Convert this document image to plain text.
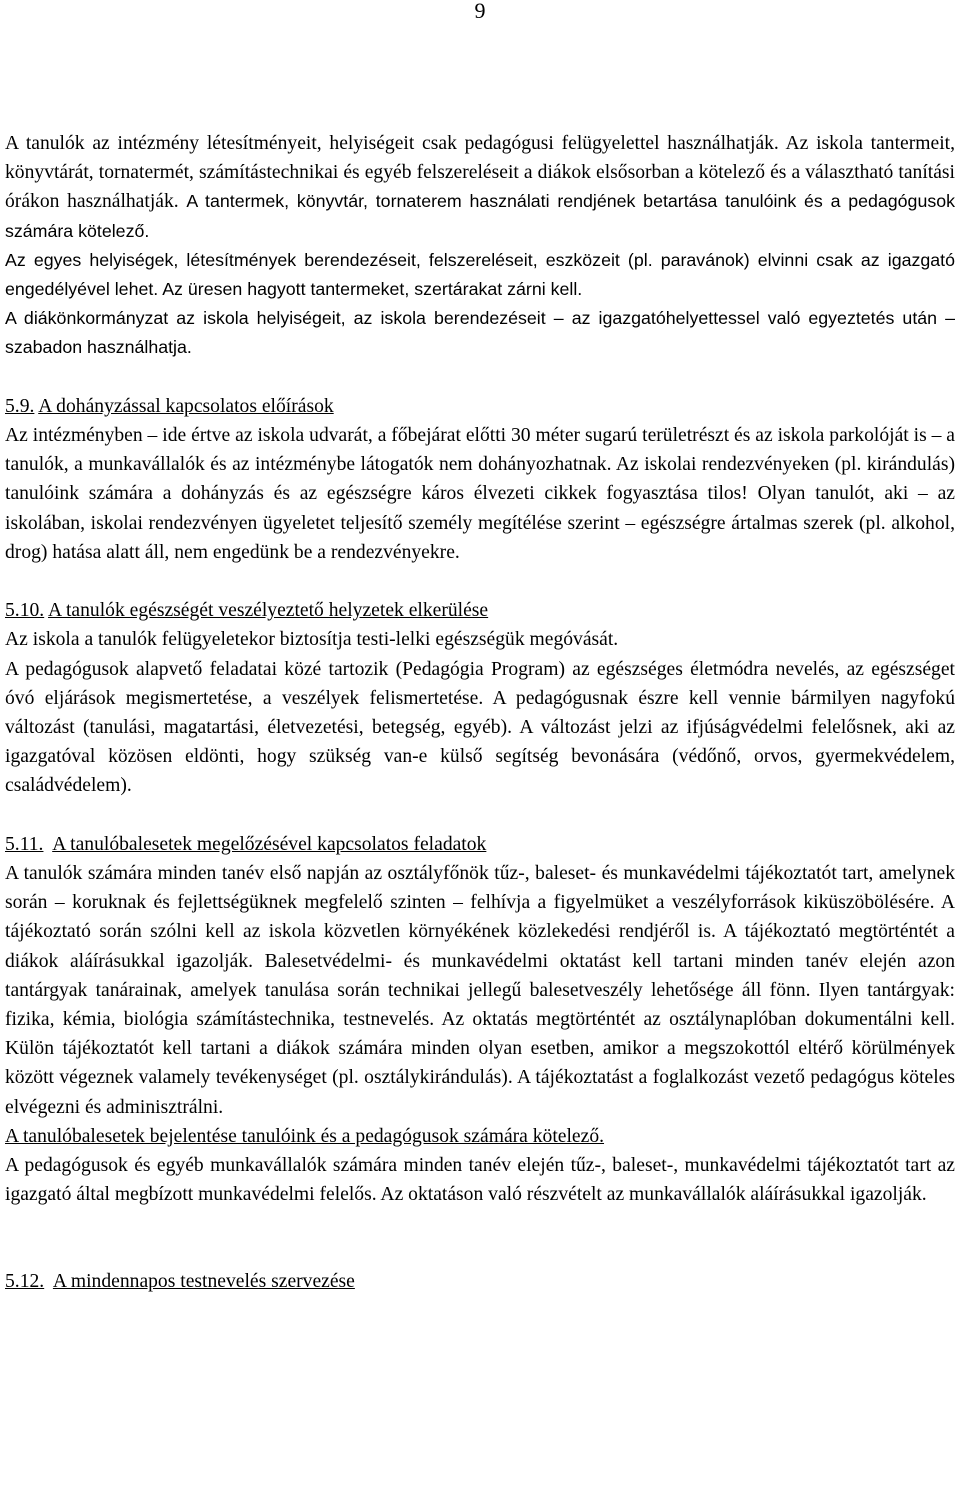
9

A tanulók az intézmény létesítményeit, helyiségeit csak pedagógusi felügyelettel használhatják. Az iskola tantermeit, könyvtárát, tornatermét, számítástechnikai és egyéb felszereléseit a diákok elsősorban a kötelező és a választható tanítási órákon használhatják. A tantermek, könyvtár, tornaterem használati rendjének betartása tanulóink és a pedagógusok számára kötelező.

Az egyes helyiségek, létesítmények berendezéseit, felszereléseit, eszközeit (pl. paravánok) elvinni csak az igazgató engedélyével lehet. Az üresen hagyott tantermeket, szertárakat zárni kell.

A diákönkormányzat az iskola helyiségeit, az iskola berendezéseit – az igazgatóhelyettessel való egyeztetés után – szabadon használhatja.

5.9. A dohányzással kapcsolatos előírások

Az intézményben – ide értve az iskola udvarát, a főbejárat előtti 30 méter sugarú területrészt és az iskola parkolóját is – a tanulók, a munkavállalók és az intézménybe látogatók nem dohányozhatnak. Az iskolai rendezvényeken (pl. kirándulás) tanulóink számára a dohányzás és az egészségre káros élvezeti cikkek fogyasztása tilos! Olyan tanulót, aki – az iskolában, iskolai rendezvényen ügyeletet teljesítő személy megítélése szerint – egészségre ártalmas szerek (pl. alkohol, drog) hatása alatt áll, nem engedünk be a rendezvényekre.

5.10. A tanulók egészségét veszélyeztető helyzetek elkerülése

Az iskola a tanulók felügyeletekor biztosítja testi-lelki egészségük megóvását.

A pedagógusok alapvető feladatai közé tartozik (Pedagógia Program) az egészséges életmódra nevelés, az egészséget óvó eljárások megismertetése, a veszélyek felismertetése. A pedagógusnak észre kell vennie bármilyen nagyfokú változást (tanulási, magatartási, életvezetési, betegség, egyéb). A változást jelzi az ifjúságvédelmi felelősnek, aki az igazgatóval közösen eldönti, hogy szükség van-e külső segítség bevonására (védőnő, orvos, gyermekvédelem, családvédelem).

5.11. A tanulóbalesetek megelőzésével kapcsolatos feladatok

A tanulók számára minden tanév első napján az osztályfőnök tűz-, baleset- és munkavédelmi tájékoztatót tart, amelynek során – koruknak és fejlettségüknek megfelelő szinten – felhívja a figyelmüket a veszélyforrások kiküszöbölésére. A tájékoztató során szólni kell az iskola közvetlen környékének közlekedési rendjéről is. A tájékoztató megtörténtét a diákok aláírásukkal igazolják. Balesetvédelmi- és munkavédelmi oktatást kell tartani minden tanév elején azon tantárgyak tanárainak, amelyek tanulása során technikai jellegű balesetveszély lehetősége áll fönn. Ilyen tantárgyak: fizika, kémia, biológia számítástechnika, testnevelés. Az oktatás megtörténtét az osztálynaplóban dokumentálni kell. Külön tájékoztatót kell tartani a diákok számára minden olyan esetben, amikor a megszokottól eltérő körülmények között végeznek valamely tevékenységet (pl. osztálykirándulás). A tájékoztatást a foglalkozást vezető pedagógus köteles elvégezni és adminisztrálni.

A tanulóbalesetek bejelentése tanulóink és a pedagógusok számára kötelező.

A pedagógusok és egyéb munkavállalók számára minden tanév elején tűz-, baleset-, munkavédelmi tájékoztatót tart az igazgató által megbízott munkavédelmi felelős. Az oktatáson való részvételt az munkavállalók aláírásukkal igazolják.

5.12. A mindennapos testnevelés szervezése
